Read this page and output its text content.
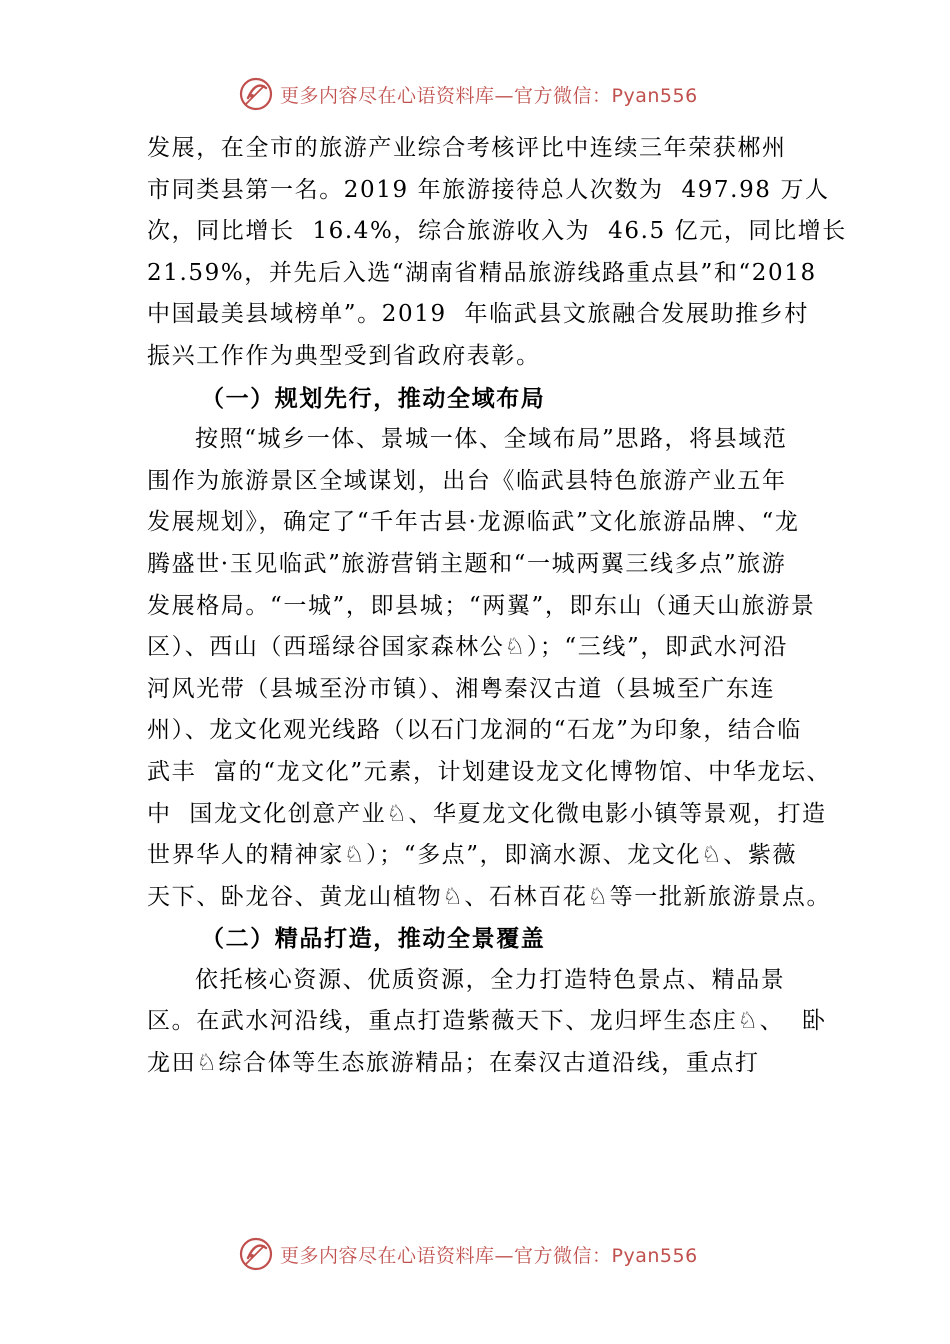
更多内容尽在心语资料库—官方微信：Pyan556
发展，在全市的旅游产业综合考核评比中连续三年荣获郴州
市同类县第一名。2019 年旅游接待总人次数为  497.98 万人
次，同比增长  16.4%，综合旅游收入为  46.5 亿元，同比增长
21.59%，并先后入选“湖南省精品旅游线路重点县”和“2018
中国最美县域榜单”。2019  年临武县文旅融合发展助推乡村
振兴工作作为典型受到省政府表彰。
（一）规划先行，推动全域布局
按照“城乡一体、景城一体、全域布局”思路，将县域范
围作为旅游景区全域谋划，出台《临武县特色旅游产业五年
发展规划》，确定了“千年古县·龙源临武”文化旅游品牌、“龙
腾盛世·玉见临武”旅游营销主题和“一城两翼三线多点”旅游
发展格局。“一城”，即县城；“两翼”，即东山（通天山旅游景
区）、西山（西瑶绿谷国家森林公♘）；“三线”，即武水河沿
河风光带（县城至汾市镇）、湘粤秦汉古道（县城至广东连
州）、龙文化观光线路（以石门龙洞的“石龙”为印象，结合临
武丰  富的“龙文化”元素，计划建设龙文化博物馆、中华龙坛、
中  国龙文化创意产业♘、华夏龙文化微电影小镇等景观，打造
世界华人的精神家♘）；“多点”，即滴水源、龙文化♘、紫薇
天下、卧龙谷、黄龙山植物♘、石林百花♘等一批新旅游景点。
（二）精品打造，推动全景覆盖
依托核心资源、优质资源，全力打造特色景点、精品景
区。在武水河沿线，重点打造紫薇天下、龙归坪生态庄♘、  卧
龙田♘综合体等生态旅游精品；在秦汉古道沿线，重点打
更多内容尽在心语资料库—官方微信：Pyan556
